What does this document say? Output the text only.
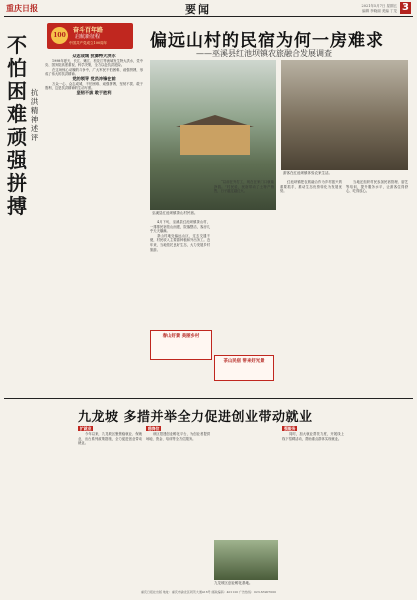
重庆日报	要闻	2021年5月7日 星期五
编辑 李晓丽 美编 丁龙 3
100
奋斗百年路
启航新征程
中国共产党成立100周年
不怕困难 顽强拼搏
抗洪精神述评
众志成城 抗御特大洪水

1998年夏天，长江、嫩江、松花江等流域发生特大洪水，党中央、国务院高度重视，科学决策，全力以赴抗洪抢险。

在这场惊心动魄的斗争中，广大军民不怕困难、顽强拼搏，形成了伟大的抗洪精神。

党的领导 党员冲锋在前

万众一心、众志成城，不怕困难、顽强拼搏，坚韧不拔、敢于胜利，这是抗洪精神的生动写照。

坚韧不拔 敢于胜利
偏远山村的民宿为何一房难求
——巫溪县红池坝镇农旅融合发展调查
巫溪县红池坝镇茶山村民宿。
游客在红池坝镇体验农家生活。

4月下旬，巫溪县红池坝镇茶山村，一排排民宿依山而建，院落整洁，客房几乎天天爆满。

茶山村地处偏远山区，过去交通不便，村民收入主要靠种植和外出务工。近年来，当地依托良好生态，大力发展乡村旅游。

春山好景 美丽乡村

“以前在外打工，现在在家门口就能挣钱。”村民说，民宿带动了土特产销售，日子越过越红火。

红池坝镇把农旅融合作为乡村振兴的重要抓手，推动生态优势转化为发展优势。

当地还组织村民参加民宿管理、厨艺等培训，提升服务水平，让游客住得舒心、吃得放心。

茶山民宿 带来好光景
九龙坡 多措并举全力促进创业带动就业
扩就业

今年以来，九龙坡区聚焦稳就业、保就业，出台系列政策措施，全力促进创业带动就业。

稳岗位

该区搭建创业孵化平台，为创业者提供场地、资金、培训等全方位服务。

强服务

同时，加大就业帮扶力度，开展线上线下招聘活动，帮助重点群体实现就业。

九龙坡区创业孵化基地。
重庆日报社出版 地址：重庆市渝北区同茂大道416号 邮政编码：401120 广告热线：023-63907000
